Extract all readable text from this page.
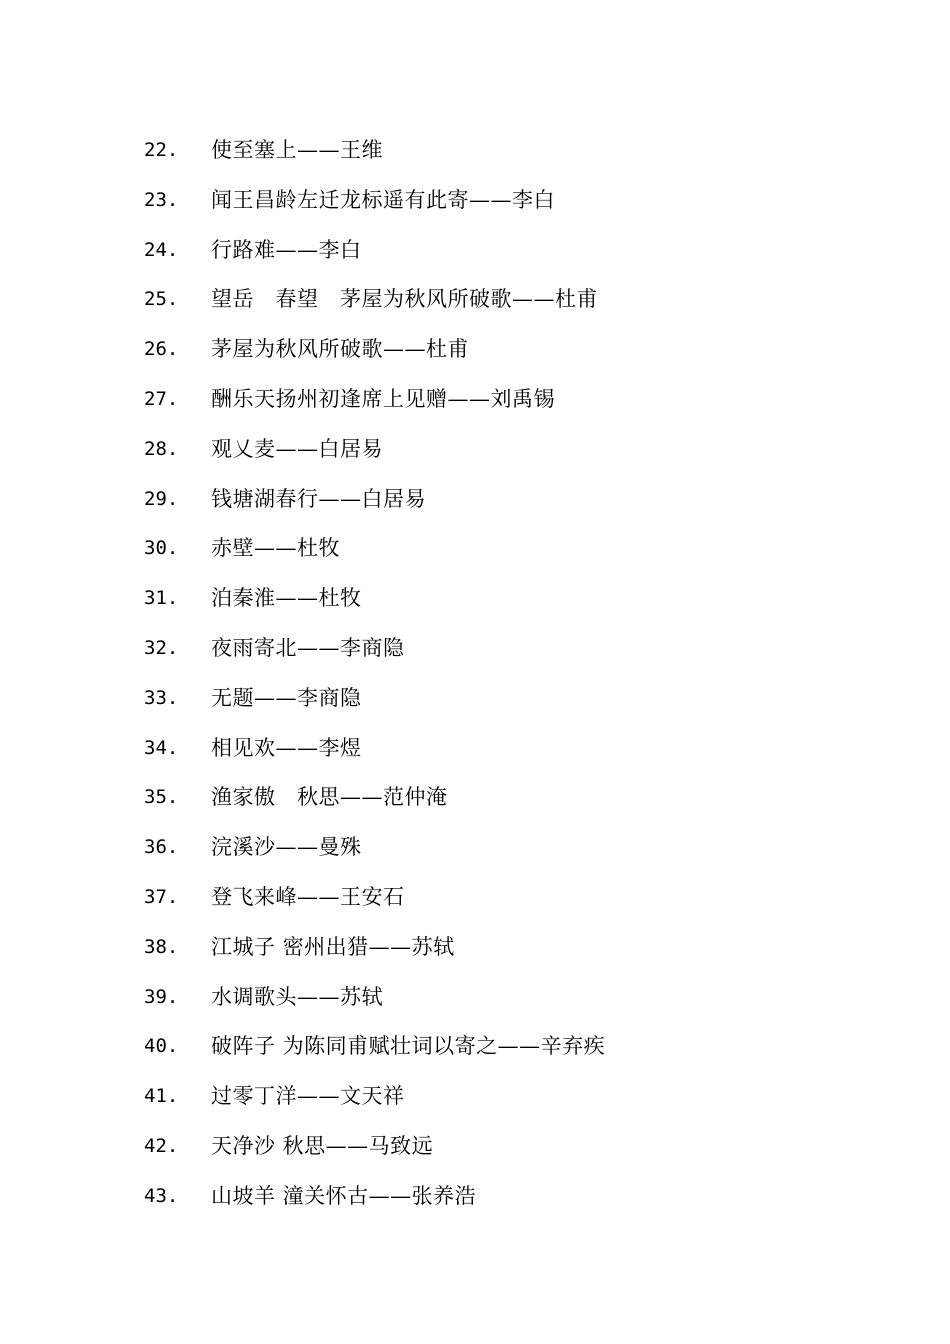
22. 使至塞上——王维
23. 闻王昌龄左迁龙标遥有此寄——李白
24. 行路难——李白
25. 望岳　春望　茅屋为秋风所破歌——杜甫
26. 茅屋为秋风所破歌——杜甫
27. 酬乐天扬州初逢席上见赠——刘禹锡
28. 观乂麦——白居易
29. 钱塘湖春行——白居易
30. 赤壁——杜牧
31. 泊秦淮——杜牧
32. 夜雨寄北——李商隐
33. 无题——李商隐
34. 相见欢——李煜
35. 渔家傲　秋思——范仲淹
36. 浣溪沙——曼殊
37. 登飞来峰——王安石
38. 江城子 密州出猎——苏轼
39. 水调歌头——苏轼
40. 破阵子 为陈同甫赋壮词以寄之——辛弃疾
41. 过零丁洋——文天祥
42. 天净沙 秋思——马致远
43. 山坡羊 潼关怀古——张养浩
